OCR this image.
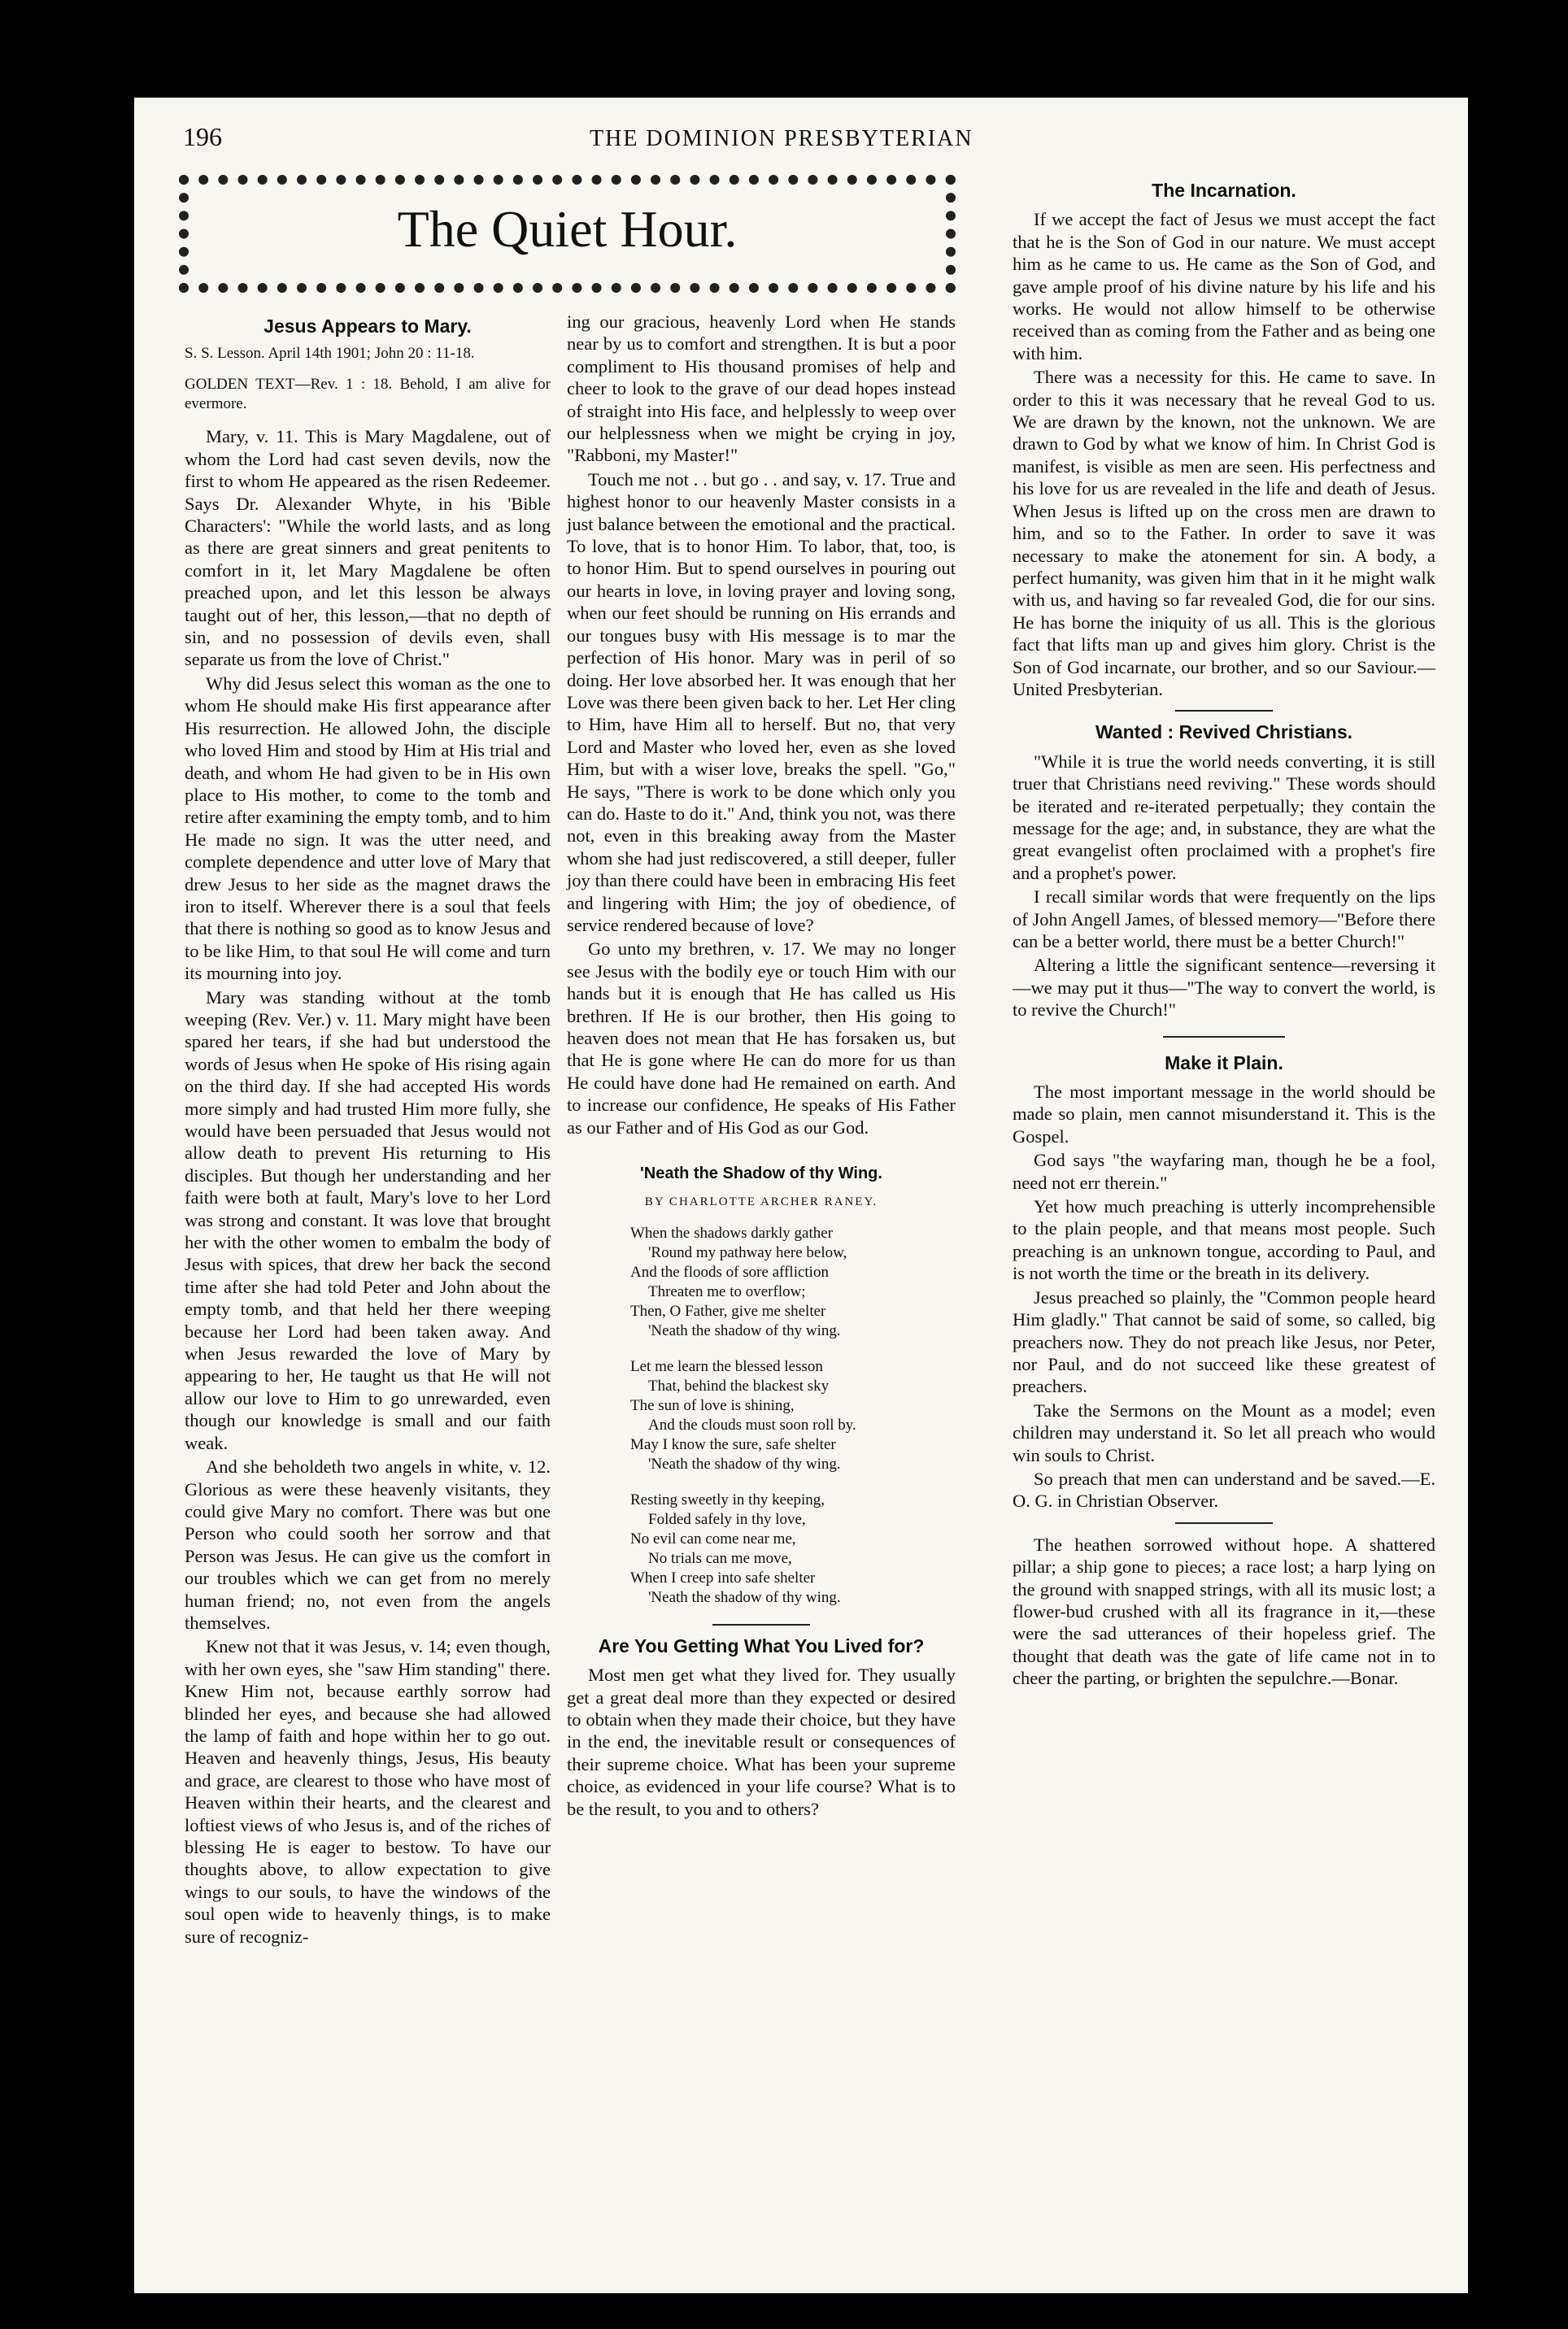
196	THE DOMINION PRESBYTERIAN
The Quiet Hour.
Jesus Appears to Mary.
S. S. Lesson. April 14th 1901; John 20 : 11-18.
GOLDEN TEXT—Rev. 1 : 18. Behold, I am alive for evermore.

Mary, v. 11. This is Mary Magdalene, out of whom the Lord had cast seven devils, now the first to whom He appeared as the risen Redeemer. Says Dr. Alexander Whyte, in his 'Bible Characters': "While the world lasts, and as long as there are great sinners and great penitents to comfort in it, let Mary Magdalene be often preached upon, and let this lesson be always taught out of her, this lesson,—that no depth of sin, and no possession of devils even, shall separate us from the love of Christ."

Why did Jesus select this woman as the one to whom He should make His first appearance after His resurrection. He allowed John, the disciple who loved Him and stood by Him at His trial and death, and whom He had given to be in His own place to His mother, to come to the tomb and retire after examining the empty tomb, and to him He made no sign. It was the utter need, and complete dependence and utter love of Mary that drew Jesus to her side as the magnet draws the iron to itself. Wherever there is a soul that feels that there is nothing so good as to know Jesus and to be like Him, to that soul He will come and turn its mourning into joy.

Mary was standing without at the tomb weeping (Rev. Ver.) v. 11. Mary might have been spared her tears, if she had but understood the words of Jesus when He spoke of His rising again on the third day. If she had accepted His words more simply and had trusted Him more fully, she would have been persuaded that Jesus would not allow death to prevent His returning to His disciples. But though her understanding and her faith were both at fault, Mary's love to her Lord was strong and constant. It was love that brought her with the other women to embalm the body of Jesus with spices, that drew her back the second time after she had told Peter and John about the empty tomb, and that held her there weeping because her Lord had been taken away. And when Jesus rewarded the love of Mary by appearing to her, He taught us that He will not allow our love to Him to go unrewarded, even though our knowledge is small and our faith weak.

And she beholdeth two angels in white, v. 12. Glorious as were these heavenly visitants, they could give Mary no comfort. There was but one Person who could sooth her sorrow and that Person was Jesus. He can give us the comfort in our troubles which we can get from no merely human friend; no, not even from the angels themselves.

Knew not that it was Jesus, v. 14; even though, with her own eyes, she "saw Him standing" there. Knew Him not, because earthly sorrow had blinded her eyes, and because she had allowed the lamp of faith and hope within her to go out. Heaven and heavenly things, Jesus, His beauty and grace, are clearest to those who have most of Heaven within their hearts, and the clearest and loftiest views of who Jesus is, and of the riches of blessing He is eager to bestow. To have our thoughts above, to allow expectation to give wings to our souls, to have the windows of the soul open wide to heavenly things, is to make sure of recogniz-

ing our gracious, heavenly Lord when He stands near by us to comfort and strengthen. It is but a poor compliment to His thousand promises of help and cheer to look to the grave of our dead hopes instead of straight into His face, and helplessly to weep over our helplessness when we might be crying in joy, "Rabboni, my Master!"

Touch me not . . but go . . and say, v. 17. True and highest honor to our heavenly Master consists in a just balance between the emotional and the practical. To love, that is to honor Him. To labor, that, too, is to honor Him. But to spend ourselves in pouring out our hearts in love, in loving prayer and loving song, when our feet should be running on His errands and our tongues busy with His message is to mar the perfection of His honor. Mary was in peril of so doing. Her love absorbed her. It was enough that her Love was there been given back to her. Let Her cling to Him, have Him all to herself. But no, that very Lord and Master who loved her, even as she loved Him, but with a wiser love, breaks the spell. "Go," He says, "There is work to be done which only you can do. Haste to do it." And, think you not, was there not, even in this breaking away from the Master whom she had just rediscovered, a still deeper, fuller joy than there could have been in embracing His feet and lingering with Him; the joy of obedience, of service rendered because of love?

Go unto my brethren, v. 17. We may no longer see Jesus with the bodily eye or touch Him with our hands but it is enough that He has called us His brethren. If He is our brother, then His going to heaven does not mean that He has forsaken us, but that He is gone where He can do more for us than He could have done had He remained on earth. And to increase our confidence, He speaks of His Father as our Father and of His God as our God.

'Neath the Shadow of thy Wing.
BY CHARLOTTE ARCHER RANEY.
When the shadows darkly gather
'Round my pathway here below,
And the floods of sore affliction
Threaten me to overflow;
Then, O Father, give me shelter
'Neath the shadow of thy wing.
Let me learn the blessed lesson
That, behind the blackest sky
The sun of love is shining,
And the clouds must soon roll by.
May I know the sure, safe shelter
'Neath the shadow of thy wing.
Resting sweetly in thy keeping,
Folded safely in thy love,
No evil can come near me,
No trials can me move,
When I creep into safe shelter
'Neath the shadow of thy wing.
Are You Getting What You Lived for?

Most men get what they lived for. They usually get a great deal more than they expected or desired to obtain when they made their choice, but they have in the end, the inevitable result or consequences of their supreme choice. What has been your supreme choice, as evidenced in your life course? What is to be the result, to you and to others?

The Incarnation.

If we accept the fact of Jesus we must accept the fact that he is the Son of God in our nature. We must accept him as he came to us. He came as the Son of God, and gave ample proof of his divine nature by his life and his works. He would not allow himself to be otherwise received than as coming from the Father and as being one with him.

There was a necessity for this. He came to save. In order to this it was necessary that he reveal God to us. We are drawn by the known, not the unknown. We are drawn to God by what we know of him. In Christ God is manifest, is visible as men are seen. His perfectness and his love for us are revealed in the life and death of Jesus. When Jesus is lifted up on the cross men are drawn to him, and so to the Father. In order to save it was necessary to make the atonement for sin. A body, a perfect humanity, was given him that in it he might walk with us, and having so far revealed God, die for our sins. He has borne the iniquity of us all. This is the glorious fact that lifts man up and gives him glory. Christ is the Son of God incarnate, our brother, and so our Saviour.—United Presbyterian.

Wanted : Revived Christians.

"While it is true the world needs converting, it is still truer that Christians need reviving." These words should be iterated and re-iterated perpetually; they contain the message for the age; and, in substance, they are what the great evangelist often proclaimed with a prophet's fire and a prophet's power.

I recall similar words that were frequently on the lips of John Angell James, of blessed memory—"Before there can be a better world, there must be a better Church!"

Altering a little the significant sentence—reversing it—we may put it thus—"The way to convert the world, is to revive the Church!"

Make it Plain.

The most important message in the world should be made so plain, men cannot misunderstand it. This is the Gospel.

God says "the wayfaring man, though he be a fool, need not err therein."

Yet how much preaching is utterly incomprehensible to the plain people, and that means most people. Such preaching is an unknown tongue, according to Paul, and is not worth the time or the breath in its delivery.

Jesus preached so plainly, the "Common people heard Him gladly." That cannot be said of some, so called, big preachers now. They do not preach like Jesus, nor Peter, nor Paul, and do not succeed like these greatest of preachers.

Take the Sermons on the Mount as a model; even children may understand it. So let all preach who would win souls to Christ.

So preach that men can understand and be saved.—E. O. G. in Christian Observer.

The heathen sorrowed without hope. A shattered pillar; a ship gone to pieces; a race lost; a harp lying on the ground with snapped strings, with all its music lost; a flower-bud crushed with all its fragrance in it,—these were the sad utterances of their hopeless grief. The thought that death was the gate of life came not in to cheer the parting, or brighten the sepulchre.—Bonar.
